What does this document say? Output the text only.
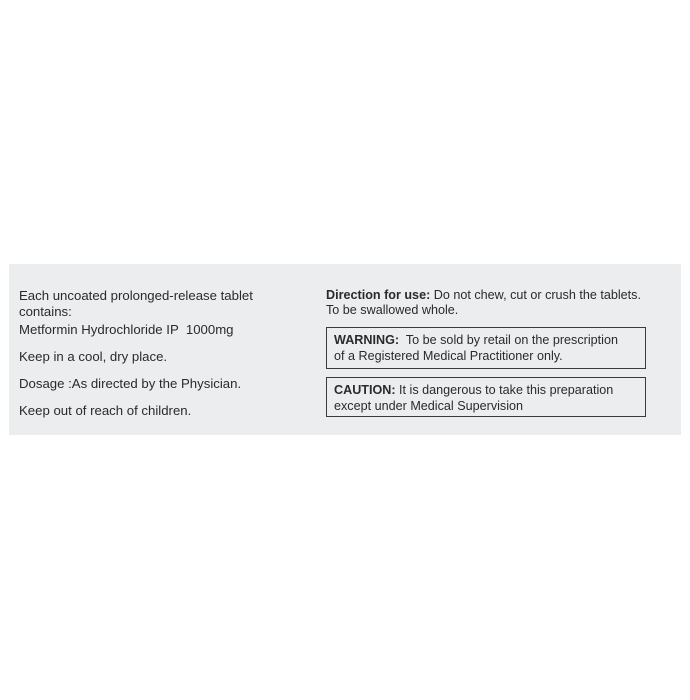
Each uncoated prolonged-release tablet
contains:
Metformin Hydrochloride IP  1000mg
Keep in a cool, dry place.
Dosage :As directed by the Physician.
Keep out of reach of children.
Direction for use: Do not chew, cut or crush the tablets.
To be swallowed whole.
WARNING:  To be sold by retail on the prescription
of a Registered Medical Practitioner only.
CAUTION: It is dangerous to take this preparation
except under Medical Supervision
